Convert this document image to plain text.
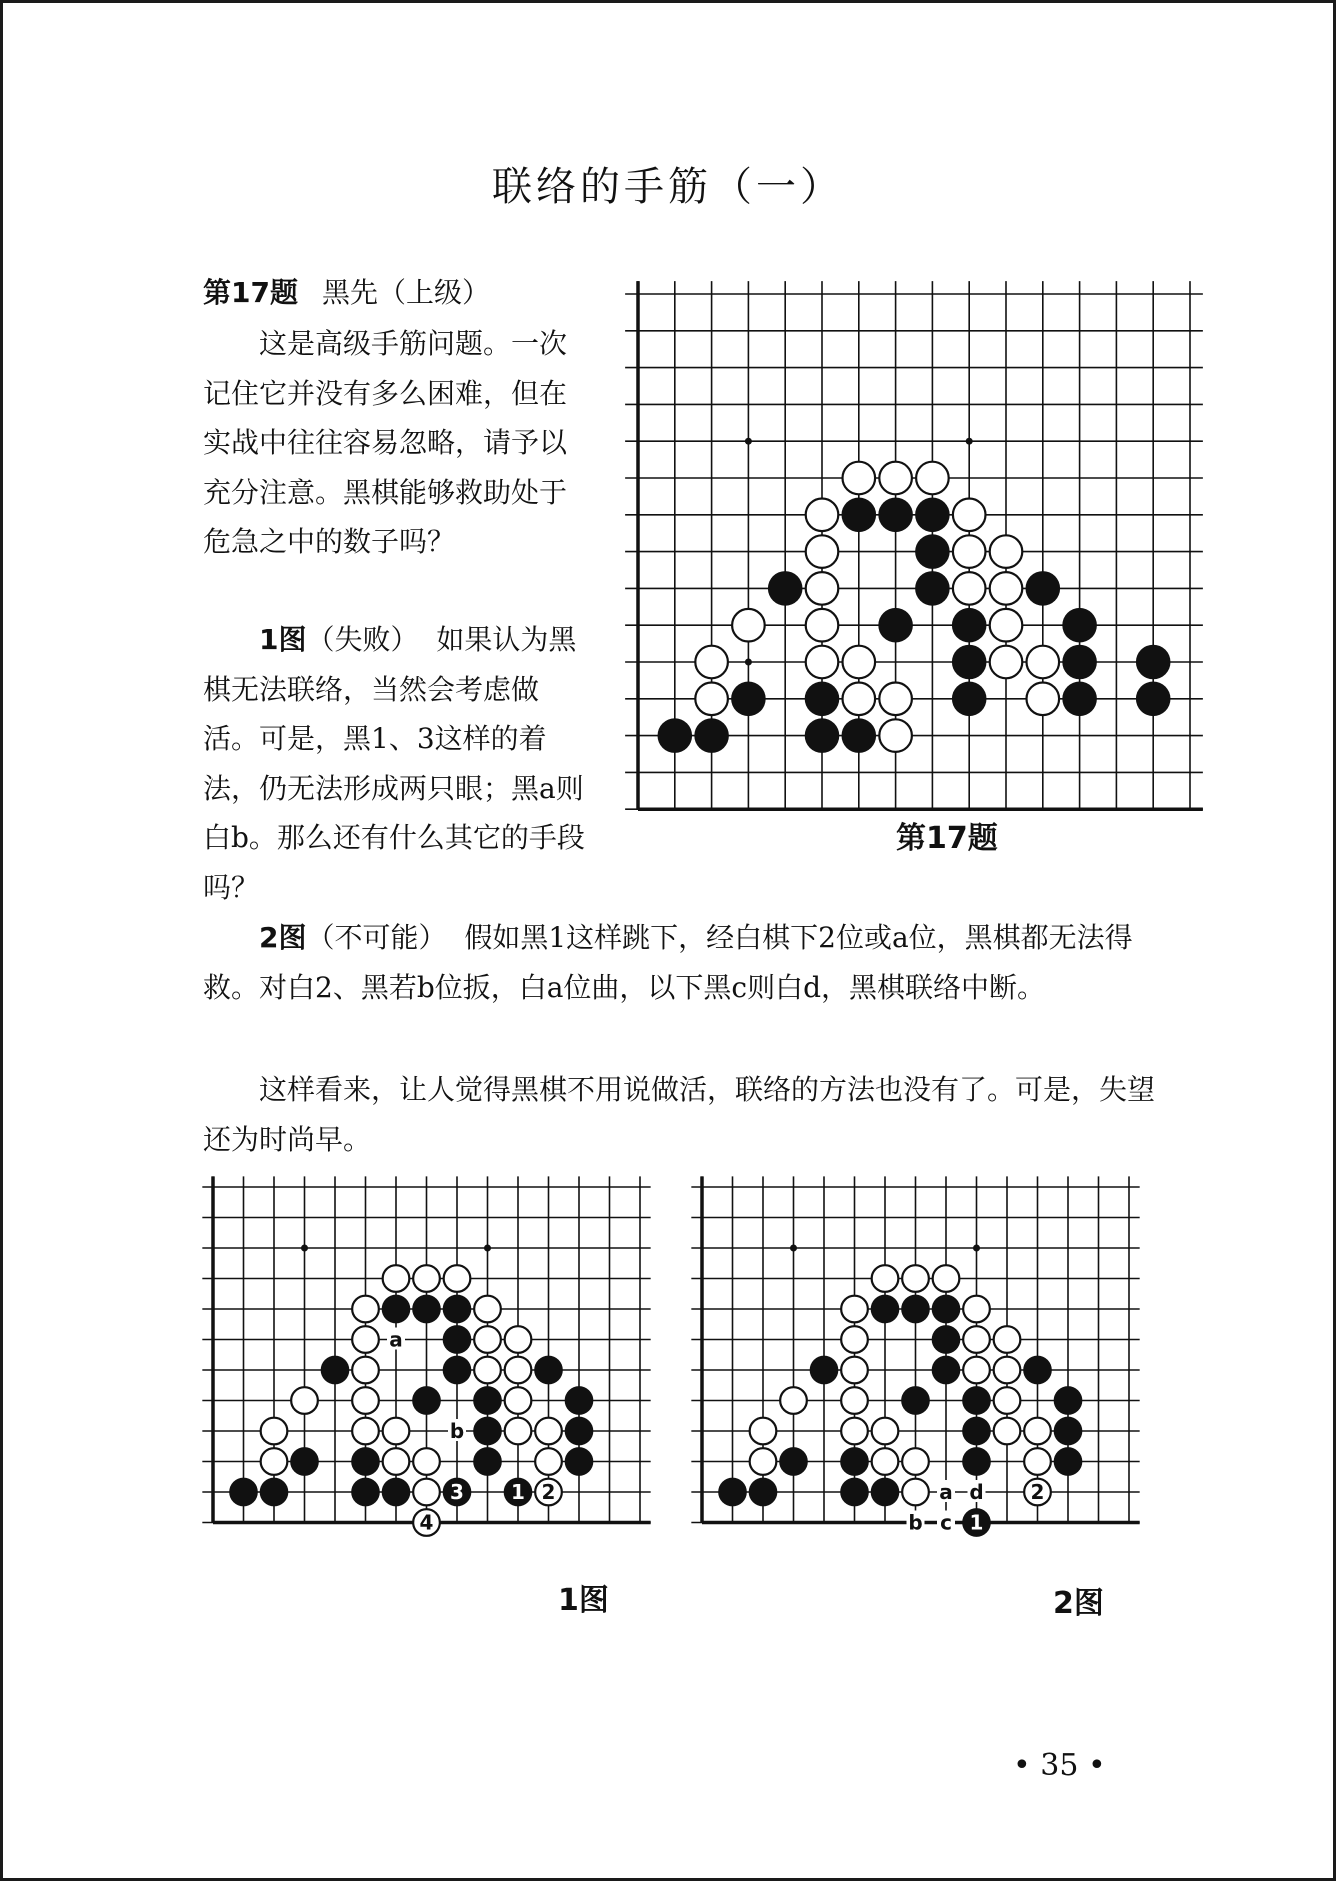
联络的手筋（一）
第17题 黑先（上级）
这是高级手筋问题。一次记住它并没有多么困难，但在实战中往往容易忽略，请予以充分注意。黑棋能够救助处于危急之中的数子吗？
1图（失败） 如果认为黑棋无法联络，当然会考虑做活。可是，黑1、3这样的着法，仍无法形成两只眼；黑a则白b。那么还有什么其它的手段吗？
2图（不可能） 假如黑1这样跳下，经白棋下2位或a位，黑棋都无法得救。对白2、黑若b位扳，白a位曲，以下黑c则白d，黑棋联络中断。
这样看来，让人觉得黑棋不用说做活，联络的方法也没有了。可是，失望还为时尚早。
第17题
3 1 2
4
a
b
1图
1
2
a d
b c
2图
• 35 •
